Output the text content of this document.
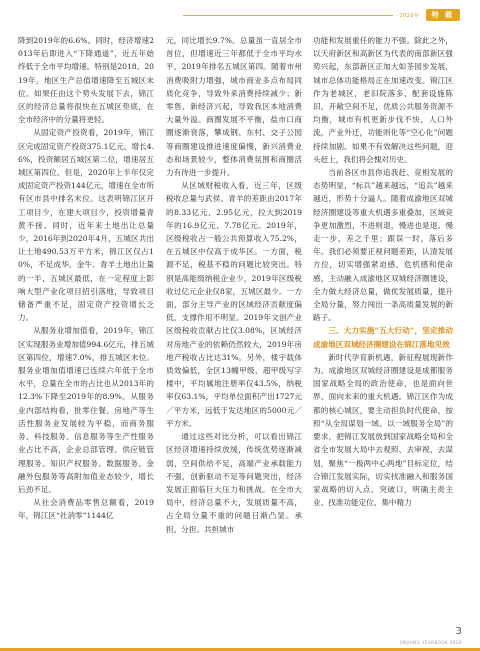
2020年	特 载

降到2019年的6.6%。同时，经济增速2013年后即进入“下降通道”，近五年始终低于全市平均增速。特别是2018、2019年，地区生产总值增速降至五城区末位。如果任由这个势头发展下去，锦江区的经济总量将很快在五城区垫底，在全市经济中的分量将更轻。

从固定资产投资看，2019年，锦江区完成固定资产投资375.1亿元，增长4.6%，投资额居五城区第二位，增速居五城区第四位。但是，2020年上半年仅完成固定资产投资144亿元，增速在全市所有区市县中排名末位。这表明锦江区开工项目少，在建大项目少，投资增量青黄不接。同时，近年来土地出让总量少，2016年到2020年4月，五城区共出让土地490.53万平方米，锦江区仅占10%，不足成华、金牛、青羊土地出让量的一半，五城区最低，在一定程度上影响大型产业化项目招引落地，导致项目储备严重不足，固定资产投资增长乏力。

从服务业增加值看，2019年，锦江区实现服务业增加值994.6亿元，排五城区第四位，增速7.0%，排五城区末位。服务业增加值增速已连续六年低于全市水平，总量在全市的占比也从2013年的12.3%下降至2019年的8.9%。从服务业内部结构看，批零住餐、房地产等生活性服务业发展较为平稳，而商务服务、科技服务、信息服务等生产性服务业占比不高，企业总部管理、供应链管理服务、知识产权服务、数据服务、金融外包服务等高附加值业态较少，增长后劲不足。

从社会消费品零售总额看，2019年，锦江区“社消零”1144亿

元，同比增长9.7%。总量虽一直居全市首位，但增速近三年都低于全市平均水平，2019年排名五城区第四。随着市州消费吸附力增强，城市商业多点布局同质化竞争，导致外来消费持续减少；新零售、新经济兴起，导致我区本地消费大量外溢。商圈发展不平衡，盐市口商圈逐渐衰落，攀成钢、东村、交子公园等商圈建设推进速度偏慢，新兴消费业态和场景较少，整体消费氛围和商圈活力有待进一步提升。

从区域财税收入看，近三年，区级税收总量与武侯、青羊的差距由2017年的8.33亿元、2.95亿元，拉大到2019年的16.9亿元、7.78亿元。2019年，区级税收占一般公共预算收入75.2%，在五城区中仅高于成华区。一方面，税源不足，税基不稳的问题比较突出。特别是高能级纳税企业少，2019年区级税收过亿元企业仅8家，五城区最少。一方面，部分主导产业的区域经济贡献度偏低，支撑作用不明显。2019年文创产业区级税收贡献占比仅3.08%，区域经济对房地产业的依赖仍然较大，2019年房地产税收占比达31%。另外，楼宇载体质效偏低，全区13幢甲级、超甲级写字楼中，平均属地注册率仅43.5%，纳税率仅63.1%，平均单位面积产出1727元／平方米，远低于发达地区的5000元／平方米。

通过这些对比分析，可以看出锦江区经济增速持续放缓，传统优势逐渐减弱，空间供给不足，高端产业承载能力不强，创新驱动不足等问题突出，经济发展正面临巨大压力和挑战。在全市大局中，经济总量不大，发展质量不高，占全局分量不重的问题日渐凸显。承担、分担、共担城市

功能和发展重任的能力不强。除此之外，以天府新区和高新区为代表的南部新区强势兴起，东部新区正加大如茶园步发展，城市总体功能格局正在加速改变。锦江区作为老城区，老旧院落多、配套设施陈旧，开敞空间不足，优质公共服务资源不均衡，城市有机更新步伐不快，人口外流，产业外迁，功能则化等“空心化”问题持续加剧。如果不有效解决这些问题，迎头赶上，我们将会愧对历史。

当前各区市县你追我赶、竞相发展的态势明显，“标兵”越来越远，“追兵”越来越近，形势十分逼人。随着成渝地区双城经济圈建设等重大机遇多重叠加，区域竞争更加激烈，不进则退，慢进也是退。慢走一步，差之千里；跟误一时，落后多年。我们必须要正视问题差距，认清发展方位，切实增强紧迫感、危机感和使命感，主动融入成渝地区双城经济圈建设，全力做大经济总量，做优发展质量，提升全局分量，努力闯出一条高质量发展的新路子。

三、大力实施“五大行动”，坚定推动成渝地区双城经济圈建设在锦江落地见效

新时代孕育新机遇，新征程展现新作为。成渝地区双城经济圈建设是成都服务国家战略全局的政治使命，也是面向世界、面向未来的重大机遇。锦江区作为成都的核心城区，要主动担负时代使命，按照“从全局谋划一域、以一域服务全局”的要求，把锦江发展放到国家战略全局和全省全市发展大局中去观照、去审视、去谋划，聚焦“一极两中心两地”目标定位，结合锦江发展实际，切实找准融入和服务国家战略的切入点、突破口，明确主责主业、找准功能定位、集中精力

3
JINJIANG YEARBOOK 2020
